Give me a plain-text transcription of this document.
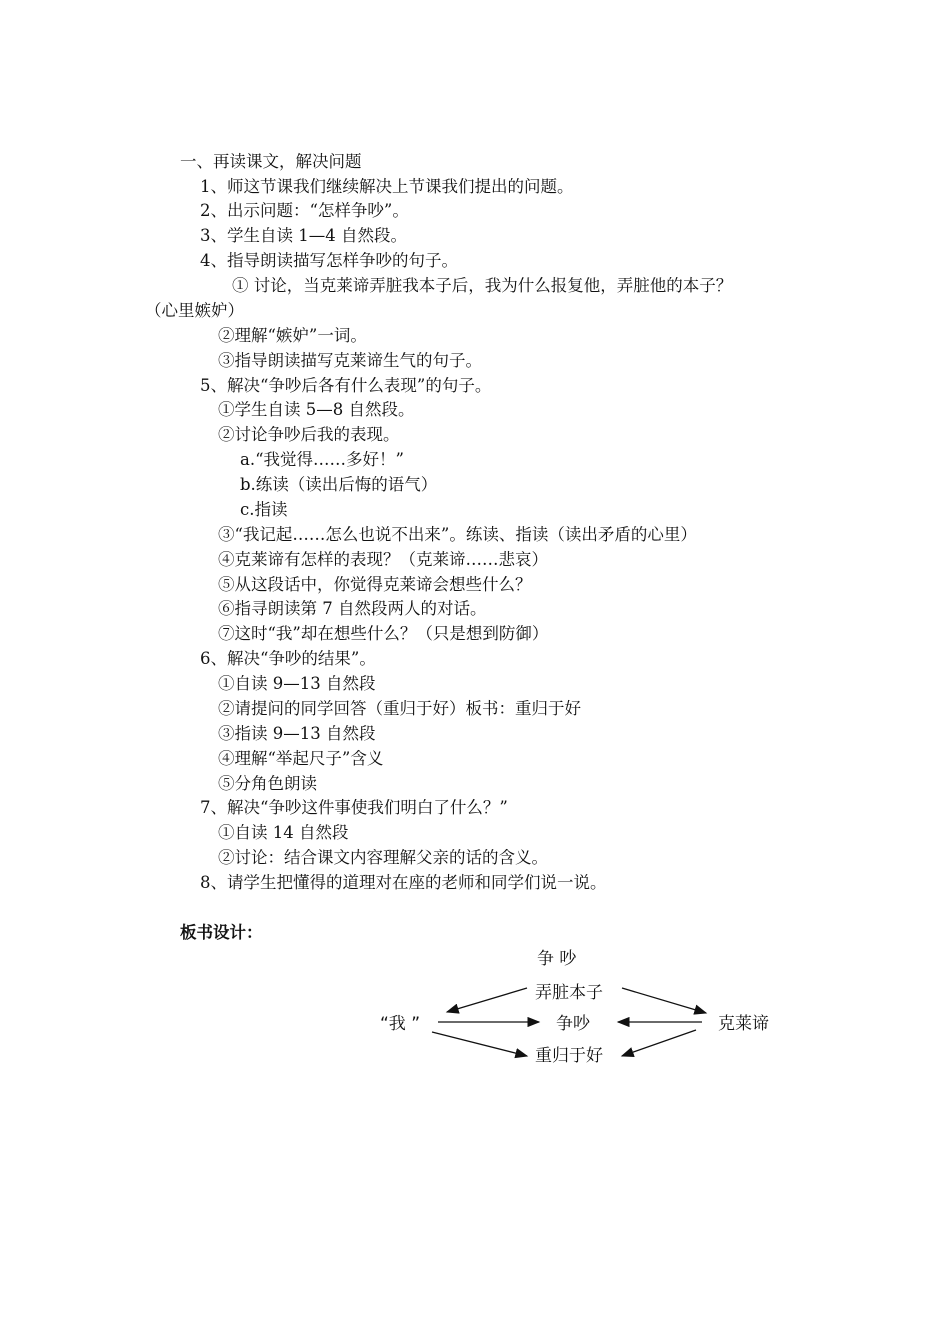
一、再读课文，解决问题
1、师这节课我们继续解决上节课我们提出的问题。
2、出示问题：“怎样争吵”。
3、学生自读 1—4 自然段。
4、指导朗读描写怎样争吵的句子。
① 讨论，当克莱谛弄脏我本子后，我为什么报复他，弄脏他的本子？
（心里嫉妒）
②理解“嫉妒”一词。
③指导朗读描写克莱谛生气的句子。
5、解决“争吵后各有什么表现”的句子。
①学生自读 5—8 自然段。
②讨论争吵后我的表现。
a.“我觉得……多好！”
b.练读（读出后悔的语气）
c.指读
③“我记起……怎么也说不出来”。练读、指读（读出矛盾的心里）
④克莱谛有怎样的表现？（克莱谛……悲哀）
⑤从这段话中，你觉得克莱谛会想些什么？
⑥指寻朗读第 7 自然段两人的对话。
⑦这时“我”却在想些什么？（只是想到防御）
6、解决“争吵的结果”。
①自读 9—13 自然段
②请提问的同学回答（重归于好）板书：重归于好
③指读 9—13 自然段
④理解“举起尺子”含义
⑤分角色朗读
7、解决“争吵这件事使我们明白了什么？”
①自读 14 自然段
②讨论：结合课文内容理解父亲的话的含义。
8、请学生把懂得的道理对在座的老师和同学们说一说。
板书设计：
争 吵
弄脏本子
“我 ”	争吵	克莱谛
重归于好
